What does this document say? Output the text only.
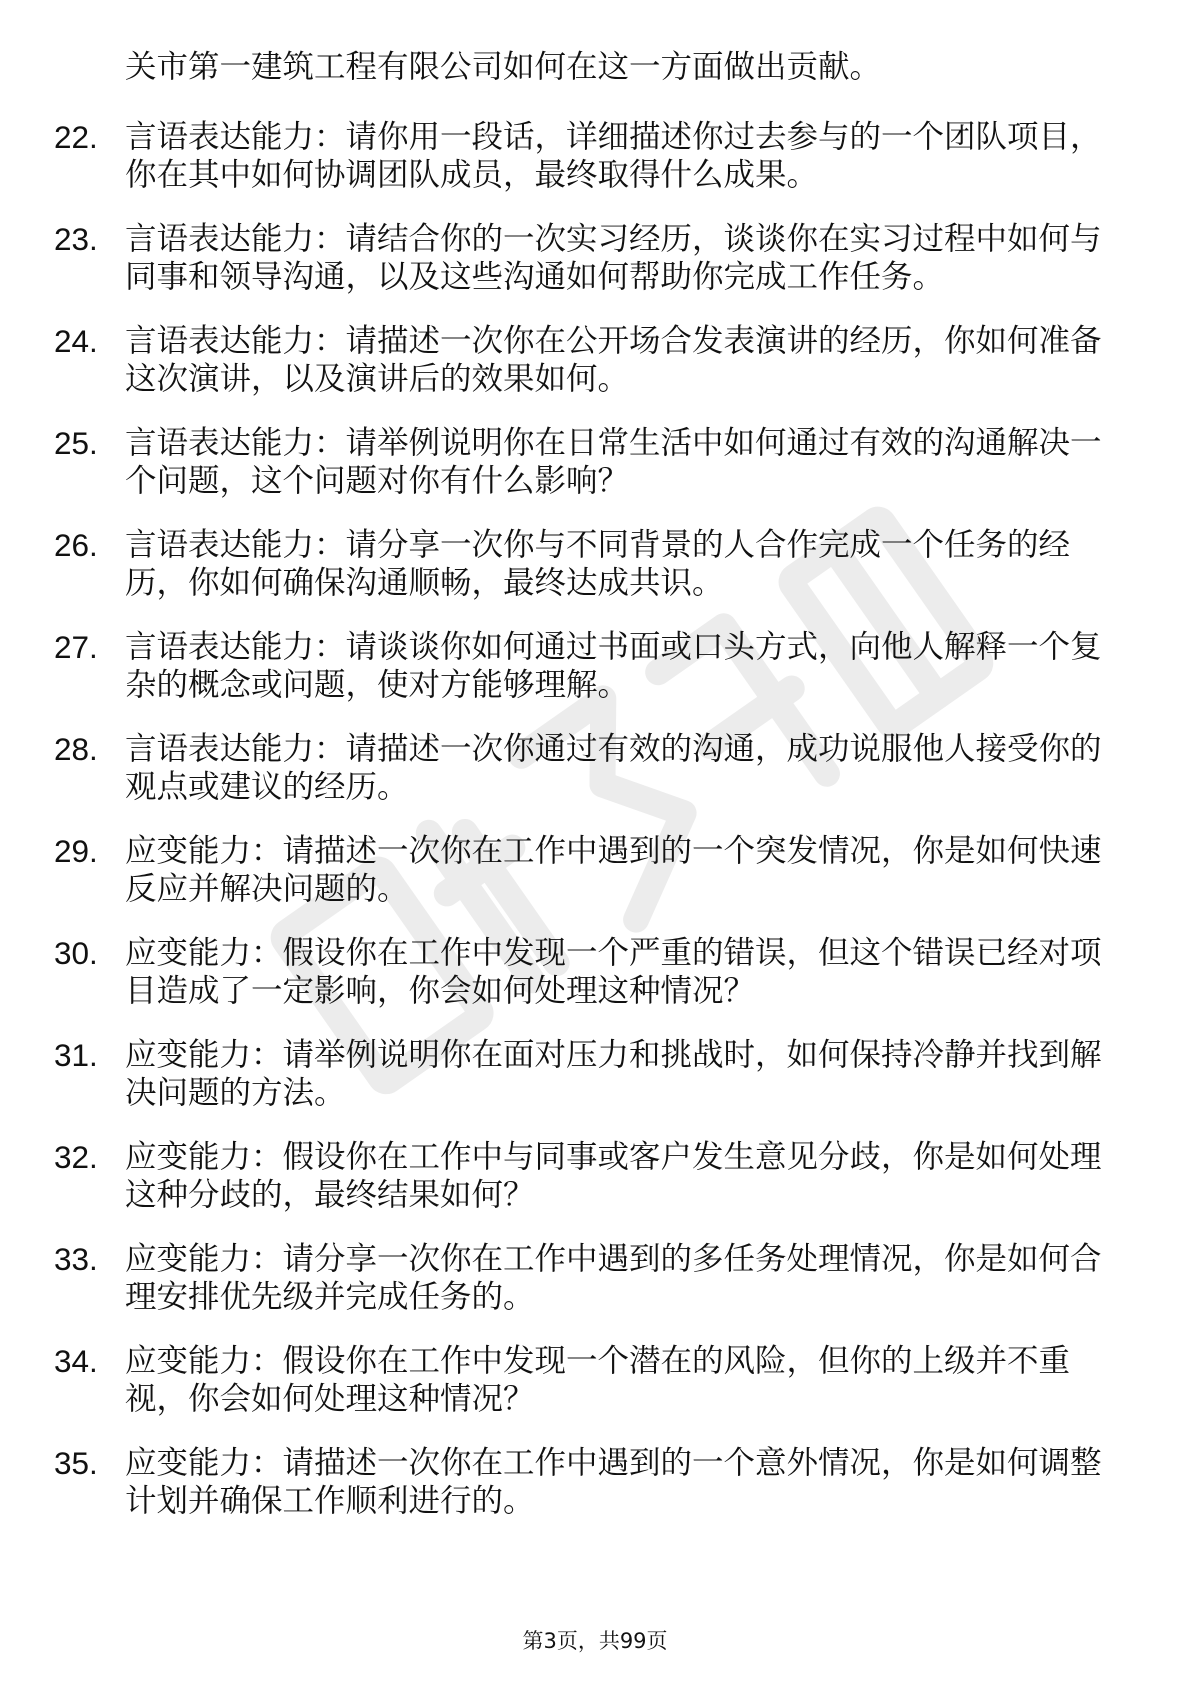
关市第一建筑工程有限公司如何在这一方面做出贡献。

22. 言语表达能力：请你用一段话，详细描述你过去参与的一个团队项目，你在其中如何协调团队成员，最终取得什么成果。
23. 言语表达能力：请结合你的一次实习经历，谈谈你在实习过程中如何与同事和领导沟通，以及这些沟通如何帮助你完成工作任务。
24. 言语表达能力：请描述一次你在公开场合发表演讲的经历，你如何准备这次演讲，以及演讲后的效果如何。
25. 言语表达能力：请举例说明你在日常生活中如何通过有效的沟通解决一个问题，这个问题对你有什么影响？
26. 言语表达能力：请分享一次你与不同背景的人合作完成一个任务的经历，你如何确保沟通顺畅，最终达成共识。
27. 言语表达能力：请谈谈你如何通过书面或口头方式，向他人解释一个复杂的概念或问题，使对方能够理解。
28. 言语表达能力：请描述一次你通过有效的沟通，成功说服他人接受你的观点或建议的经历。
29. 应变能力：请描述一次你在工作中遇到的一个突发情况，你是如何快速反应并解决问题的。
30. 应变能力：假设你在工作中发现一个严重的错误，但这个错误已经对项目造成了一定影响，你会如何处理这种情况？
31. 应变能力：请举例说明你在面对压力和挑战时，如何保持冷静并找到解决问题的方法。
32. 应变能力：假设你在工作中与同事或客户发生意见分歧，你是如何处理这种分歧的，最终结果如何？
33. 应变能力：请分享一次你在工作中遇到的多任务处理情况，你是如何合理安排优先级并完成任务的。
34. 应变能力：假设你在工作中发现一个潜在的风险，但你的上级并不重视，你会如何处理这种情况？
35. 应变能力：请描述一次你在工作中遇到的一个意外情况，你是如何调整计划并确保工作顺利进行的。
第3页，共99页
